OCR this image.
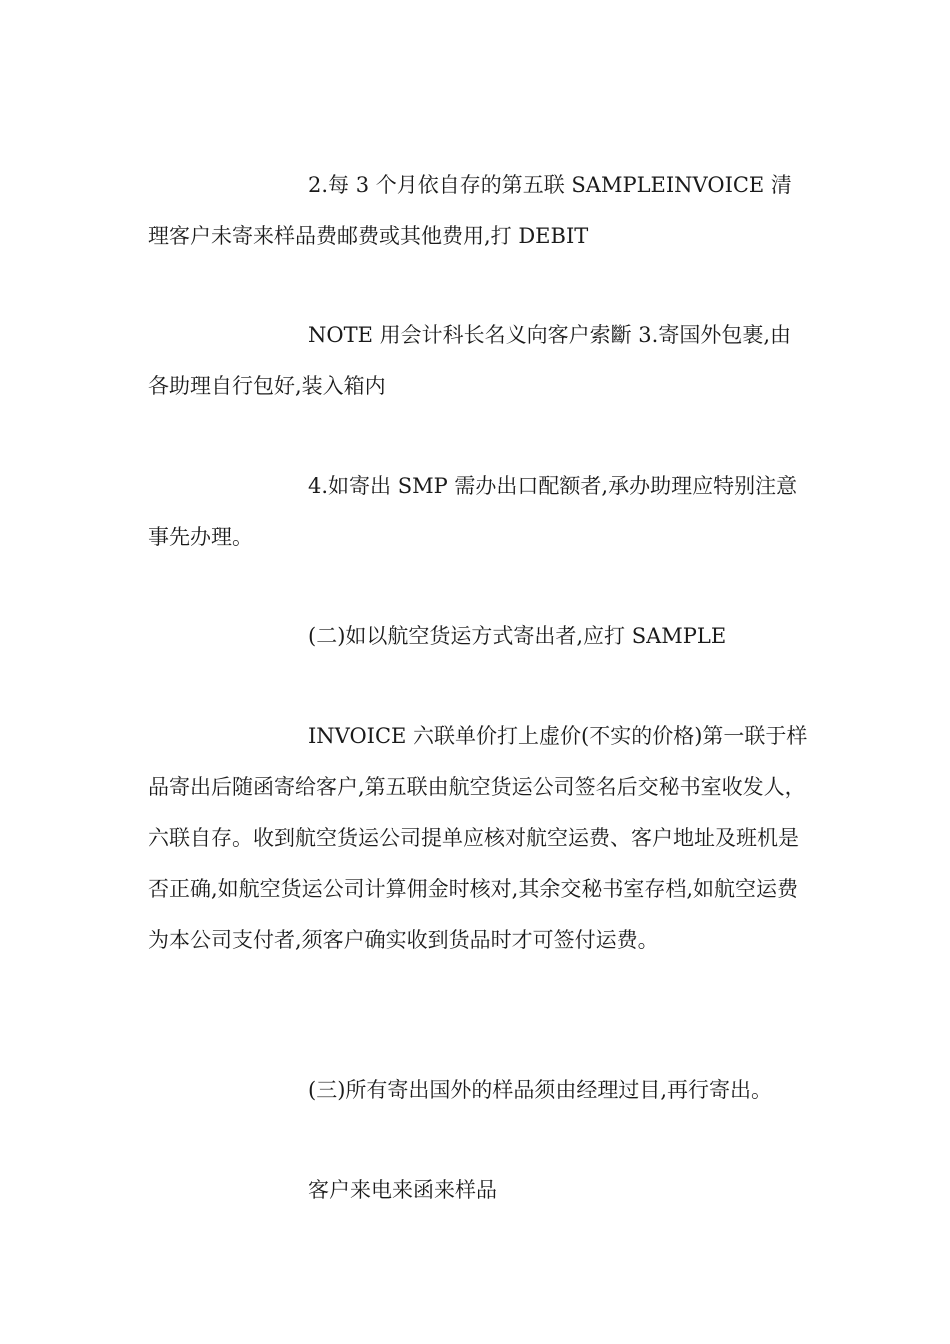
2.每 3 个月依自存的第五联 SAMPLEINVOICE 清理客户未寄来样品费邮费或其他费用,打 DEBIT

NOTE 用会计科长名义向客户索斷 3.寄国外包裹,由各助理自行包好,装入箱内

4.如寄出 SMP 需办出口配额者,承办助理应特别注意事先办理。

(二)如以航空货运方式寄出者,应打 SAMPLE

INVOICE 六联单价打上虚价(不实的价格)第一联于样品寄出后随函寄给客户,第五联由航空货运公司签名后交秘书室收发人，六联自存。收到航空货运公司提单应核对航空运费、客户地址及班机是否正确,如航空货运公司计算佣金时核对,其余交秘书室存档,如航空运费为本公司支付者,须客户确实收到货品时才可签付运费。

(三)所有寄出国外的样品须由经理过目,再行寄出。

客户来电来函来样品
